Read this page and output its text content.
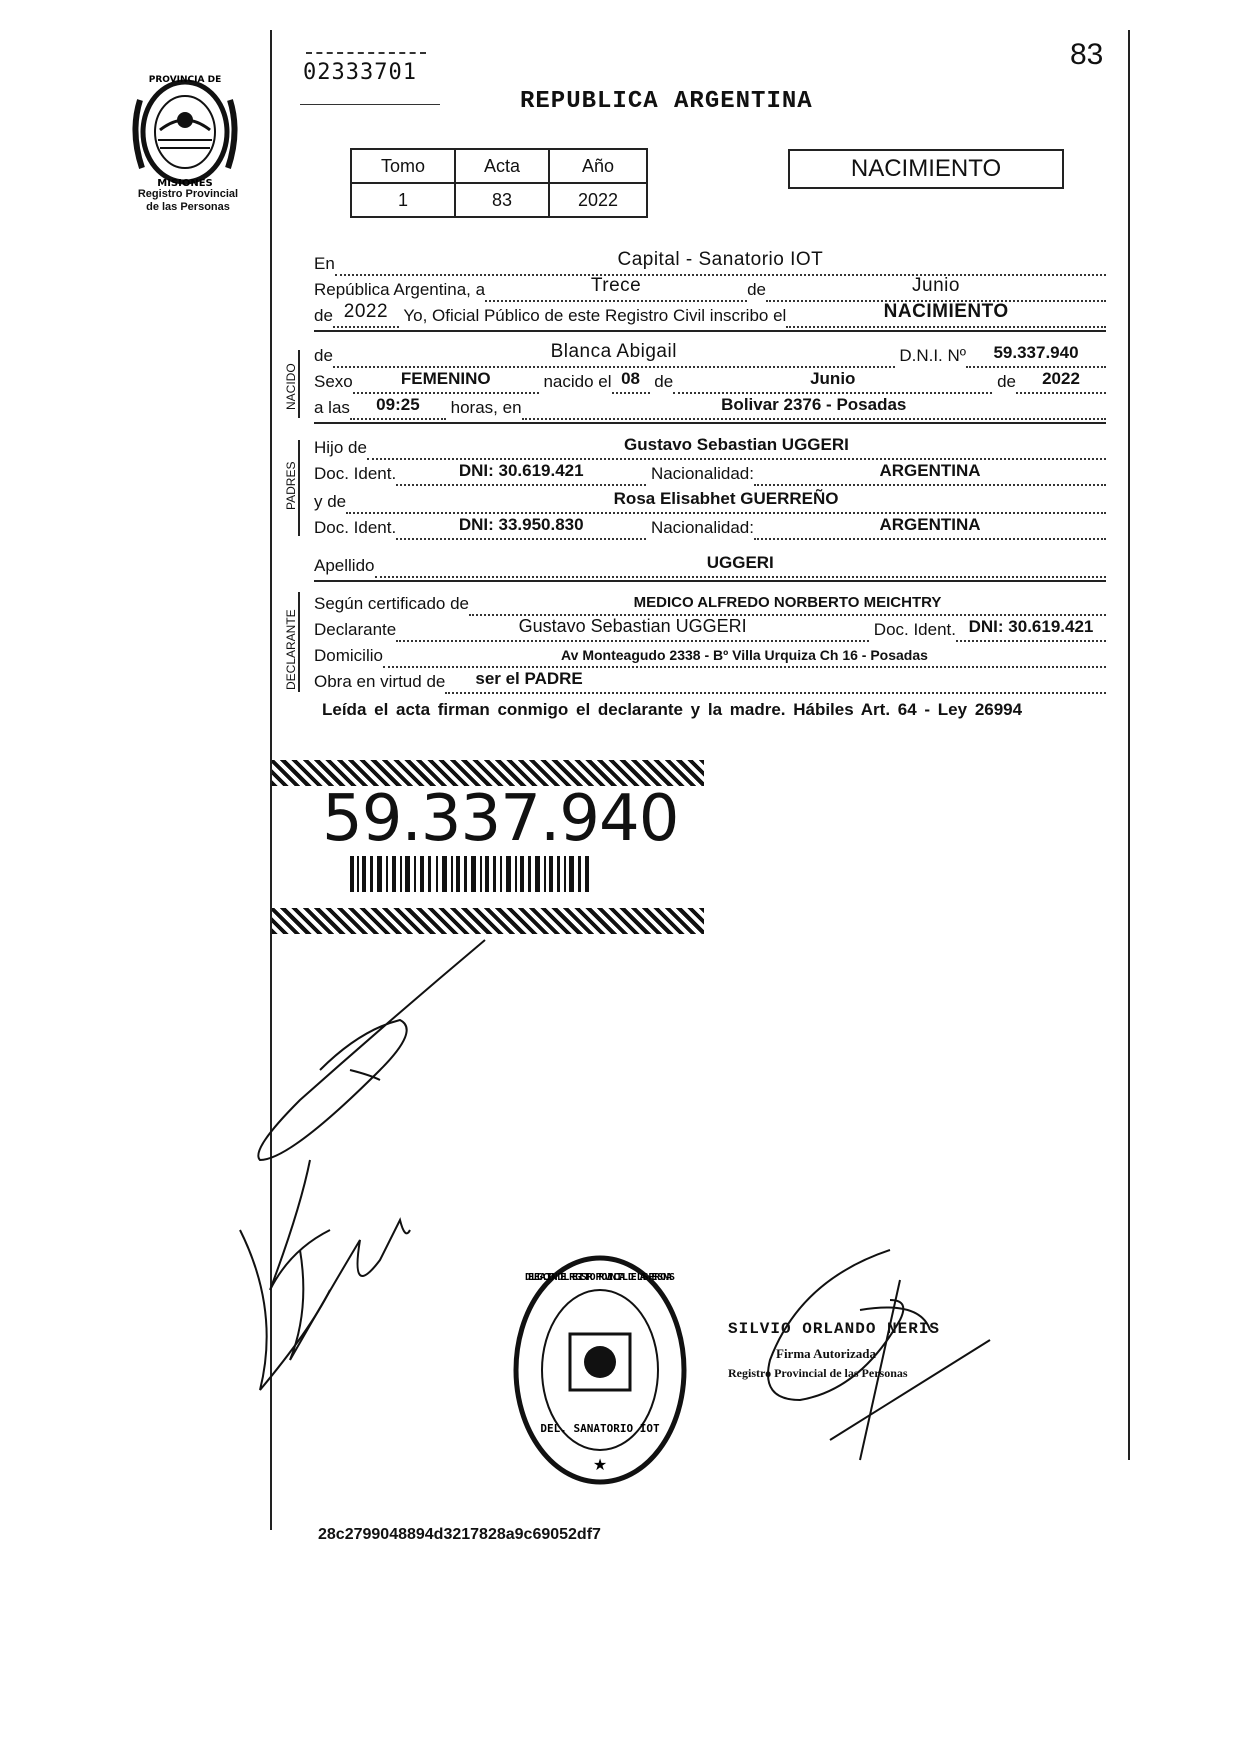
83
02333701
REPUBLICA ARGENTINA
PROVINCIA DE
MISIONES
Registro Provincial
de las Personas
Tomo	Acta	Año
1	83	2022
NACIMIENTO
En	Capital - Sanatorio IOT
República Argentina, a	Trece	de	Junio
de 2022 Yo, Oficial Público de este Registro Civil inscribo el	NACIMIENTO
de	Blanca Abigail	D.N.I. Nº	59.337.940
Sexo	FEMENINO	nacido el 08 de	Junio	de	2022
a las	09:25	horas, en	Bolivar 2376 - Posadas
Hijo de	Gustavo Sebastian UGGERI
Doc. Ident.	DNI: 30.619.421	Nacionalidad:	ARGENTINA
y de	Rosa Elisabhet GUERREÑO
Doc. Ident.	DNI: 33.950.830	Nacionalidad:	ARGENTINA
Apellido	UGGERI
Según certificado de	MEDICO ALFREDO NORBERTO MEICHTRY
Declarante	Gustavo Sebastian UGGERI	Doc. Ident. DNI: 30.619.421
Domicilio	Av Monteagudo 2338 - Bº Villa Urquiza Ch 16 - Posadas
Obra en virtud de	ser el PADRE
NACIDO
PADRES
DECLARANTE
Leída el acta firman conmigo el declarante y la madre. Hábiles Art. 64 - Ley 26994
59.337.940
DELEGACION DEL REGISTRO PROVINCIAL DE LAS PERSONAS
DEL. SANATORIO IOT
★
SILVIO ORLANDO NERIS
Firma Autorizada
Registro Provincial de las Personas
28c2799048894d3217828a9c69052df7
